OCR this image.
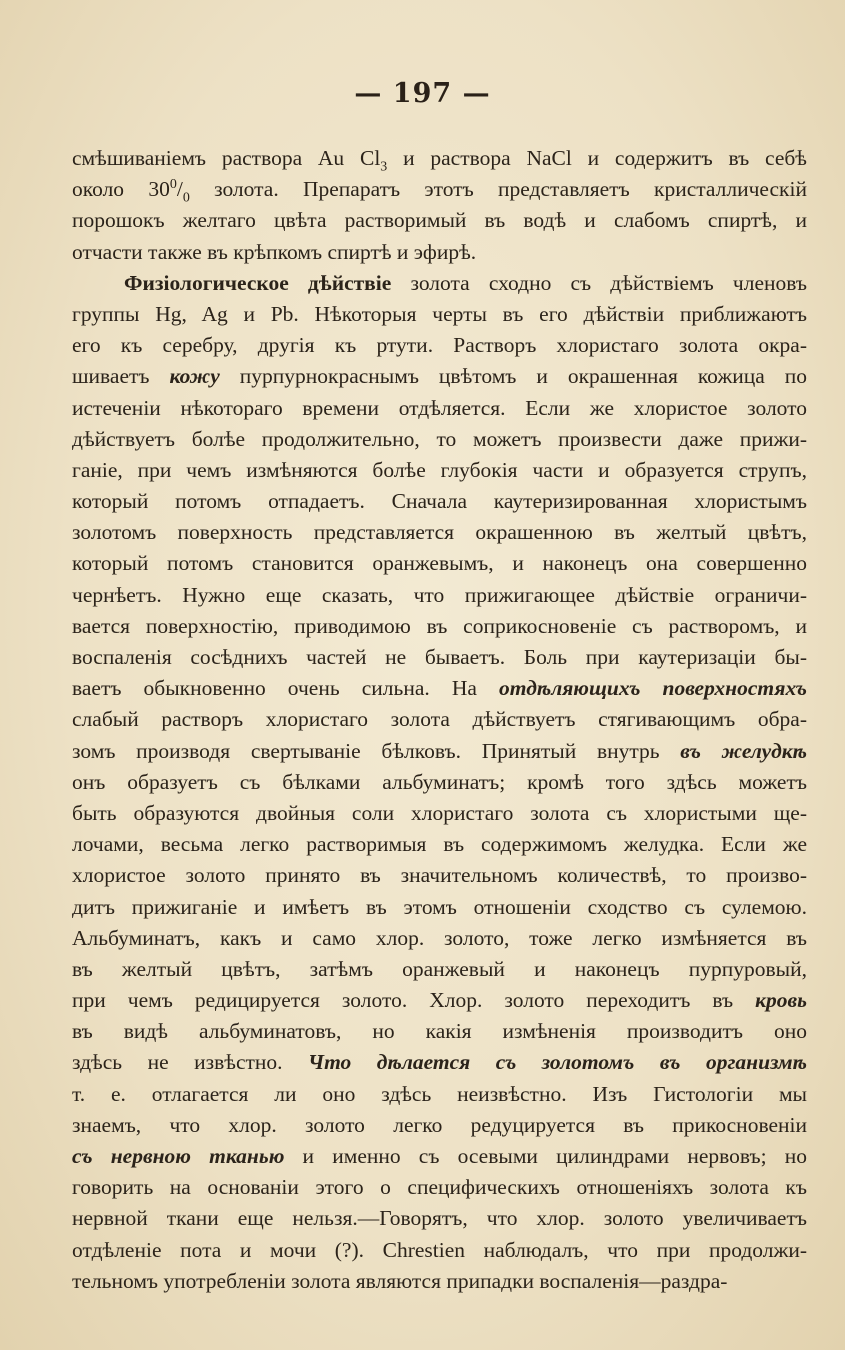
— 197 —
смѣшиваніемъ раствора Au $Cl_3$ и раствора NaCl и содержитъ въ себѣ
около $30^0/_0$ золота. Препаратъ этотъ представляетъ кристаллическій
порошокъ желтаго цвѣта растворимый въ водѣ и слабомъ спиртѣ, и
отчасти также въ крѣпкомъ спиртѣ и эфирѣ.
Физіологическое дѣйствіе золота сходно съ дѣйствіемъ членовъ
группы Hg, Ag и Pb. Нѣкоторыя черты въ его дѣйствіи приближаютъ
его къ серебру, другія къ ртути. Растворъ хлористаго золота окра-
шиваетъ кожу пурпурнокраснымъ цвѣтомъ и окрашенная кожица по
истеченіи нѣкотораго времени отдѣляется. Если же хлористое золото
дѣйствуетъ болѣе продолжительно, то можетъ произвести даже прижи-
ганіе, при чемъ измѣняются болѣе глубокія части и образуется струпъ,
который потомъ отпадаетъ. Сначала каутеризированная хлористымъ
золотомъ поверхность представляется окрашенною въ желтый цвѣтъ,
который потомъ становится оранжевымъ, и наконецъ она совершенно
чернѣетъ. Нужно еще сказать, что прижигающее дѣйствіе ограничи-
вается поверхностію, приводимою въ соприкосновеніе съ растворомъ, и
воспаленія сосѣднихъ частей не бываетъ. Боль при каутеризаціи бы-
ваетъ обыкновенно очень сильна. На отдѣляющихъ поверхностяхъ
слабый растворъ хлористаго золота дѣйствуетъ стягивающимъ обра-
зомъ производя свертываніе бѣлковъ. Принятый внутрь въ желудкѣ
онъ образуетъ съ бѣлками альбуминатъ; кромѣ того здѣсь можетъ
быть образуются двойныя соли хлористаго золота съ хлористыми ще-
лочами, весьма легко растворимыя въ содержимомъ желудка. Если же
хлористое золото принято въ значительномъ количествѣ, то произво-
дитъ прижиганіе и имѣетъ въ этомъ отношеніи сходство съ сулемою.
Альбуминатъ, какъ и само хлор. золото, тоже легко измѣняется въ
въ желтый цвѣтъ, затѣмъ оранжевый и наконецъ пурпуровый,
при чемъ редицируется золото. Хлор. золото переходитъ въ кровь
въ видѣ альбуминатовъ, но какія измѣненія производитъ оно
здѣсь не извѣстно. Что дѣлается съ золотомъ въ организмѣ
т. е. отлагается ли оно здѣсь неизвѣстно. Изъ Гистологіи мы
знаемъ, что хлор. золото легко редуцируется въ прикосновеніи
съ нервною тканью и именно съ осевыми цилиндрами нервовъ; но
говорить на основаніи этого о специфическихъ отношеніяхъ золота къ
нервной ткани еще нельзя.—Говорятъ, что хлор. золото увеличиваетъ
отдѣленіе пота и мочи (?). Chrestien наблюдалъ, что при продолжи-
тельномъ употребленіи золота являются припадки воспаленія—раздра-
